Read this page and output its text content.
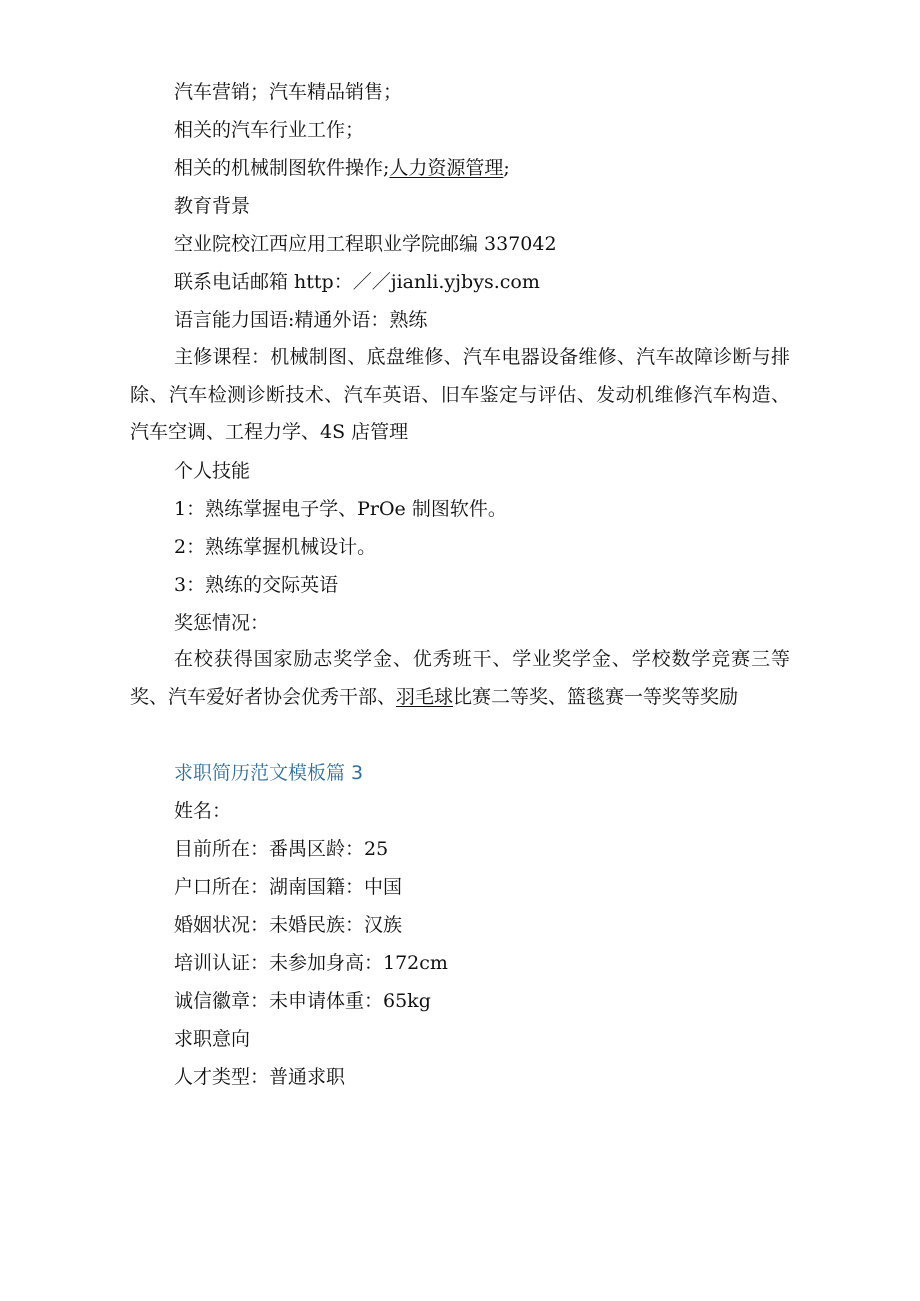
汽车营销；汽车精品销售；
相关的汽车行业工作；
相关的机械制图软件操作;人力资源管理;
教育背景
空业院校江西应用工程职业学院邮编 337042
联系电话邮箱 http：／／jianli.yjbys.com
语言能力国语:精通外语：熟练
主修课程：机械制图、底盘维修、汽车电器设备维修、汽车故障诊断与排除、汽车检测诊断技术、汽车英语、旧车鉴定与评估、发动机维修汽车构造、汽车空调、工程力学、4S 店管理
个人技能
1：熟练掌握电子学、PrOe 制图软件。
2：熟练掌握机械设计。
3：熟练的交际英语
奖惩情况：
在校获得国家励志奖学金、优秀班干、学业奖学金、学校数学竞赛三等奖、汽车爱好者协会优秀干部、羽毛球比赛二等奖、篮毯赛一等奖等奖励
求职简历范文模板篇 3
姓名：
目前所在：番禺区龄：25
户口所在：湖南国籍：中国
婚姻状况：未婚民族：汉族
培训认证：未参加身高：172cm
诚信徽章：未申请体重：65kg
求职意向
人才类型：普通求职
